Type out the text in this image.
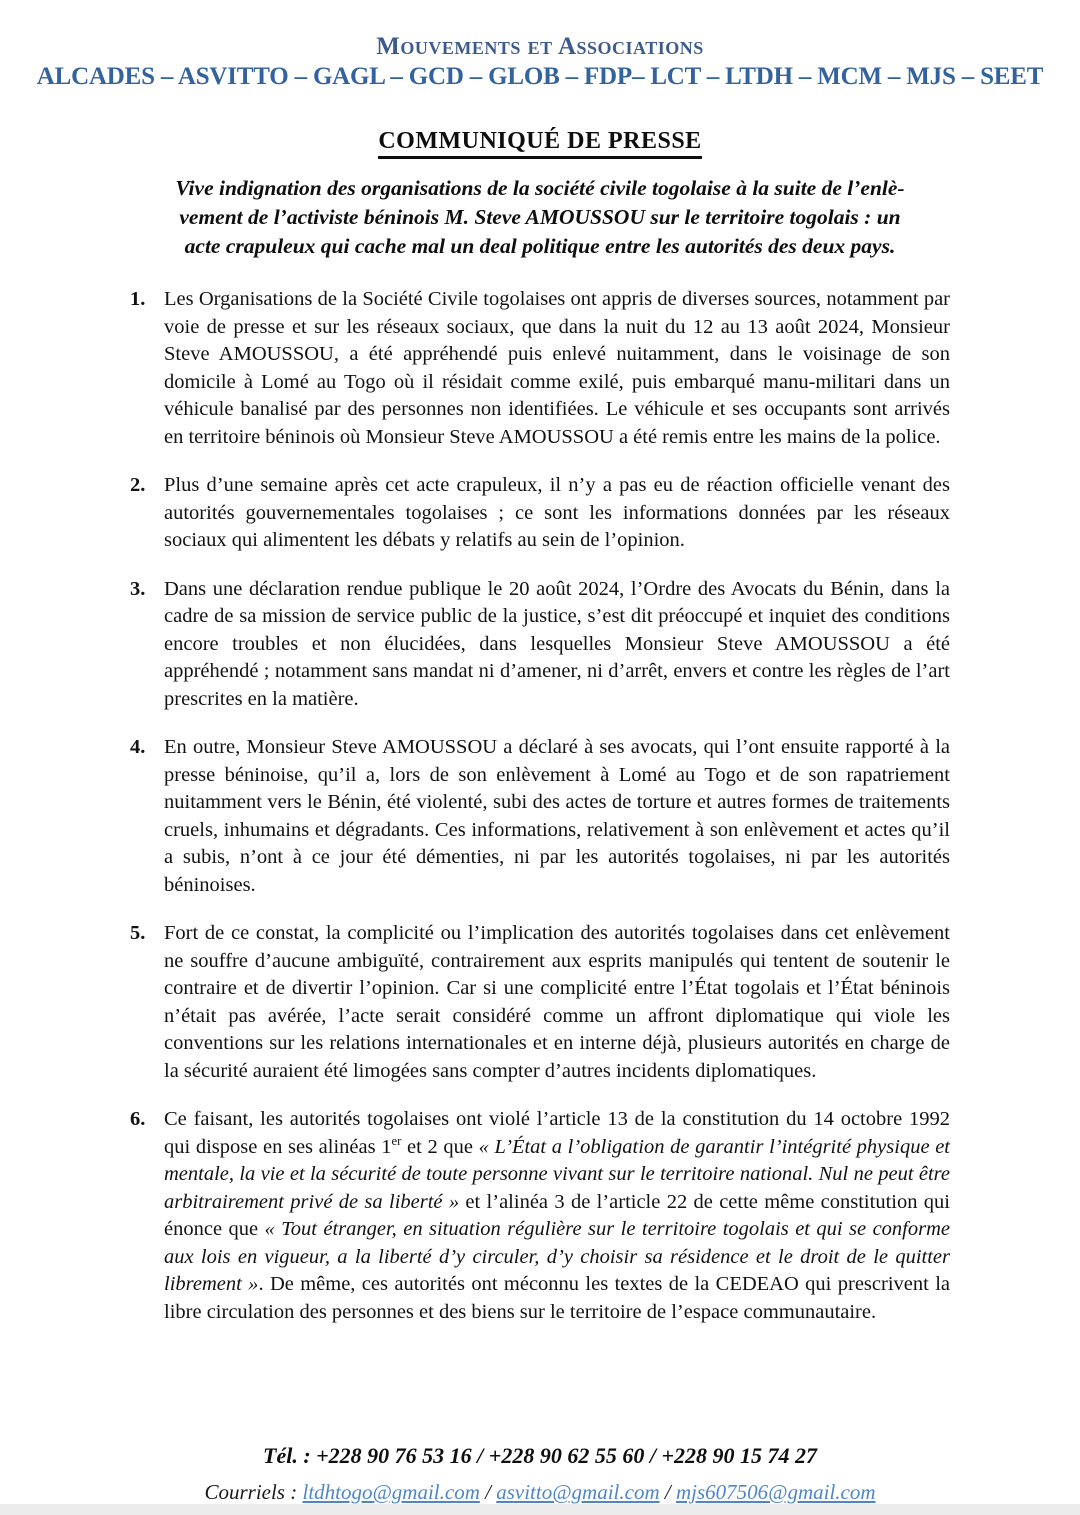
Mouvements et Associations
ALCADES – ASVITTO – GAGL – GCD – GLOB – FDP– LCT – LTDH – MCM – MJS – SEET
COMMUNIQUÉ DE PRESSE
Vive indignation des organisations de la société civile togolaise à la suite de l’enlè-
vement de l’activiste béninois M. Steve AMOUSSOU sur le territoire togolais : un
acte crapuleux qui cache mal un deal politique entre les autorités des deux pays.
1. Les Organisations de la Société Civile togolaises ont appris de diverses sources, notamment par voie de presse et sur les réseaux sociaux, que dans la nuit du 12 au 13 août 2024, Monsieur Steve AMOUSSOU, a été appréhendé puis enlevé nuitamment, dans le voisinage de son domicile à Lomé au Togo où il résidait comme exilé, puis embarqué manu-militari dans un véhicule banalisé par des personnes non identifiées. Le véhicule et ses occupants sont arrivés en territoire béninois où Monsieur Steve AMOUSSOU a été remis entre les mains de la police.
2. Plus d’une semaine après cet acte crapuleux, il n’y a pas eu de réaction officielle venant des autorités gouvernementales togolaises ; ce sont les informations données par les réseaux sociaux qui alimentent les débats y relatifs au sein de l’opinion.
3. Dans une déclaration rendue publique le 20 août 2024, l’Ordre des Avocats du Bénin, dans la cadre de sa mission de service public de la justice, s’est dit préoccupé et inquiet des conditions encore troubles et non élucidées, dans lesquelles Monsieur Steve AMOUSSOU a été appréhendé ; notamment sans mandat ni d’amener, ni d’arrêt, envers et contre les règles de l’art prescrites en la matière.
4. En outre, Monsieur Steve AMOUSSOU a déclaré à ses avocats, qui l’ont ensuite rapporté à la presse béninoise, qu’il a, lors de son enlèvement à Lomé au Togo et de son rapatriement nuitamment vers le Bénin, été violenté, subi des actes de torture et autres formes de traitements cruels, inhumains et dégradants. Ces informations, relativement à son enlèvement et actes qu’il a subis, n’ont à ce jour été démenties, ni par les autorités togolaises, ni par les autorités béninoises.
5. Fort de ce constat, la complicité ou l’implication des autorités togolaises dans cet enlèvement ne souffre d’aucune ambiguïté, contrairement aux esprits manipulés qui tentent de soutenir le contraire et de divertir l’opinion. Car si une complicité entre l’État togolais et l’État béninois n’était pas avérée, l’acte serait considéré comme un affront diplomatique qui viole les conventions sur les relations internationales et en interne déjà, plusieurs autorités en charge de la sécurité auraient été limogées sans compter d’autres incidents diplomatiques.
6. Ce faisant, les autorités togolaises ont violé l’article 13 de la constitution du 14 octobre 1992 qui dispose en ses alinéas 1er et 2 que « L’État a l’obligation de garantir l’intégrité physique et mentale, la vie et la sécurité de toute personne vivant sur le territoire national. Nul ne peut être arbitrairement privé de sa liberté » et l’alinéa 3 de l’article 22 de cette même constitution qui énonce que « Tout étranger, en situation régulière sur le territoire togolais et qui se conforme aux lois en vigueur, a la liberté d’y circuler, d’y choisir sa résidence et le droit de le quitter librement ». De même, ces autorités ont méconnu les textes de la CEDEAO qui prescrivent la libre circulation des personnes et des biens sur le territoire de l’espace communautaire.
Tél. : +228 90 76 53 16 / +228 90 62 55 60 / +228 90 15 74 27
Courriels : ltdhtogo@gmail.com / asvitto@gmail.com / mjs607506@gmail.com
